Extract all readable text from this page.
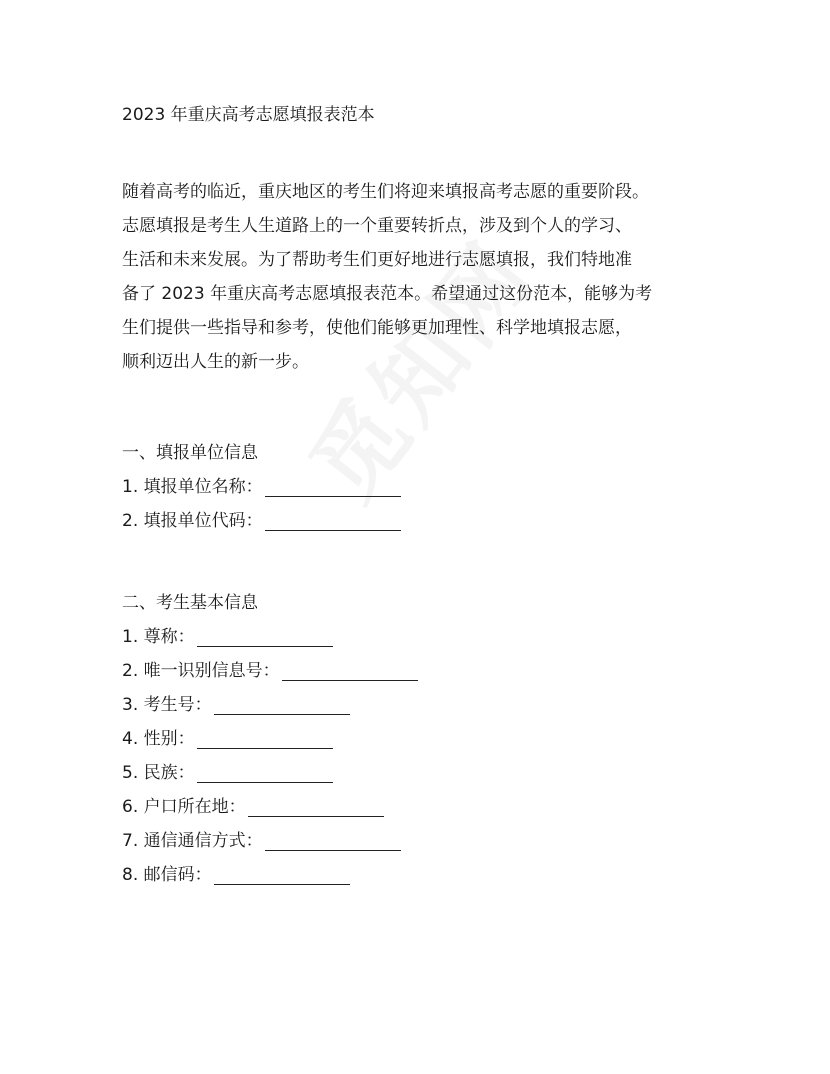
2023 年重庆高考志愿填报表范本
随着高考的临近，重庆地区的考生们将迎来填报高考志愿的重要阶段。
志愿填报是考生人生道路上的一个重要转折点，涉及到个人的学习、
生活和未来发展。为了帮助考生们更好地进行志愿填报，我们特地准
备了 2023 年重庆高考志愿填报表范本。希望通过这份范本，能够为考
生们提供一些指导和参考，使他们能够更加理性、科学地填报志愿，
顺利迈出人生的新一步。
一、填报单位信息
1. 填报单位名称：
2. 填报单位代码：
二、考生基本信息
1. 尊称：
2. 唯一识别信息号：
3. 考生号：
4. 性别：
5. 民族：
6. 户口所在地：
7. 通信通信方式：
8. 邮信码：
